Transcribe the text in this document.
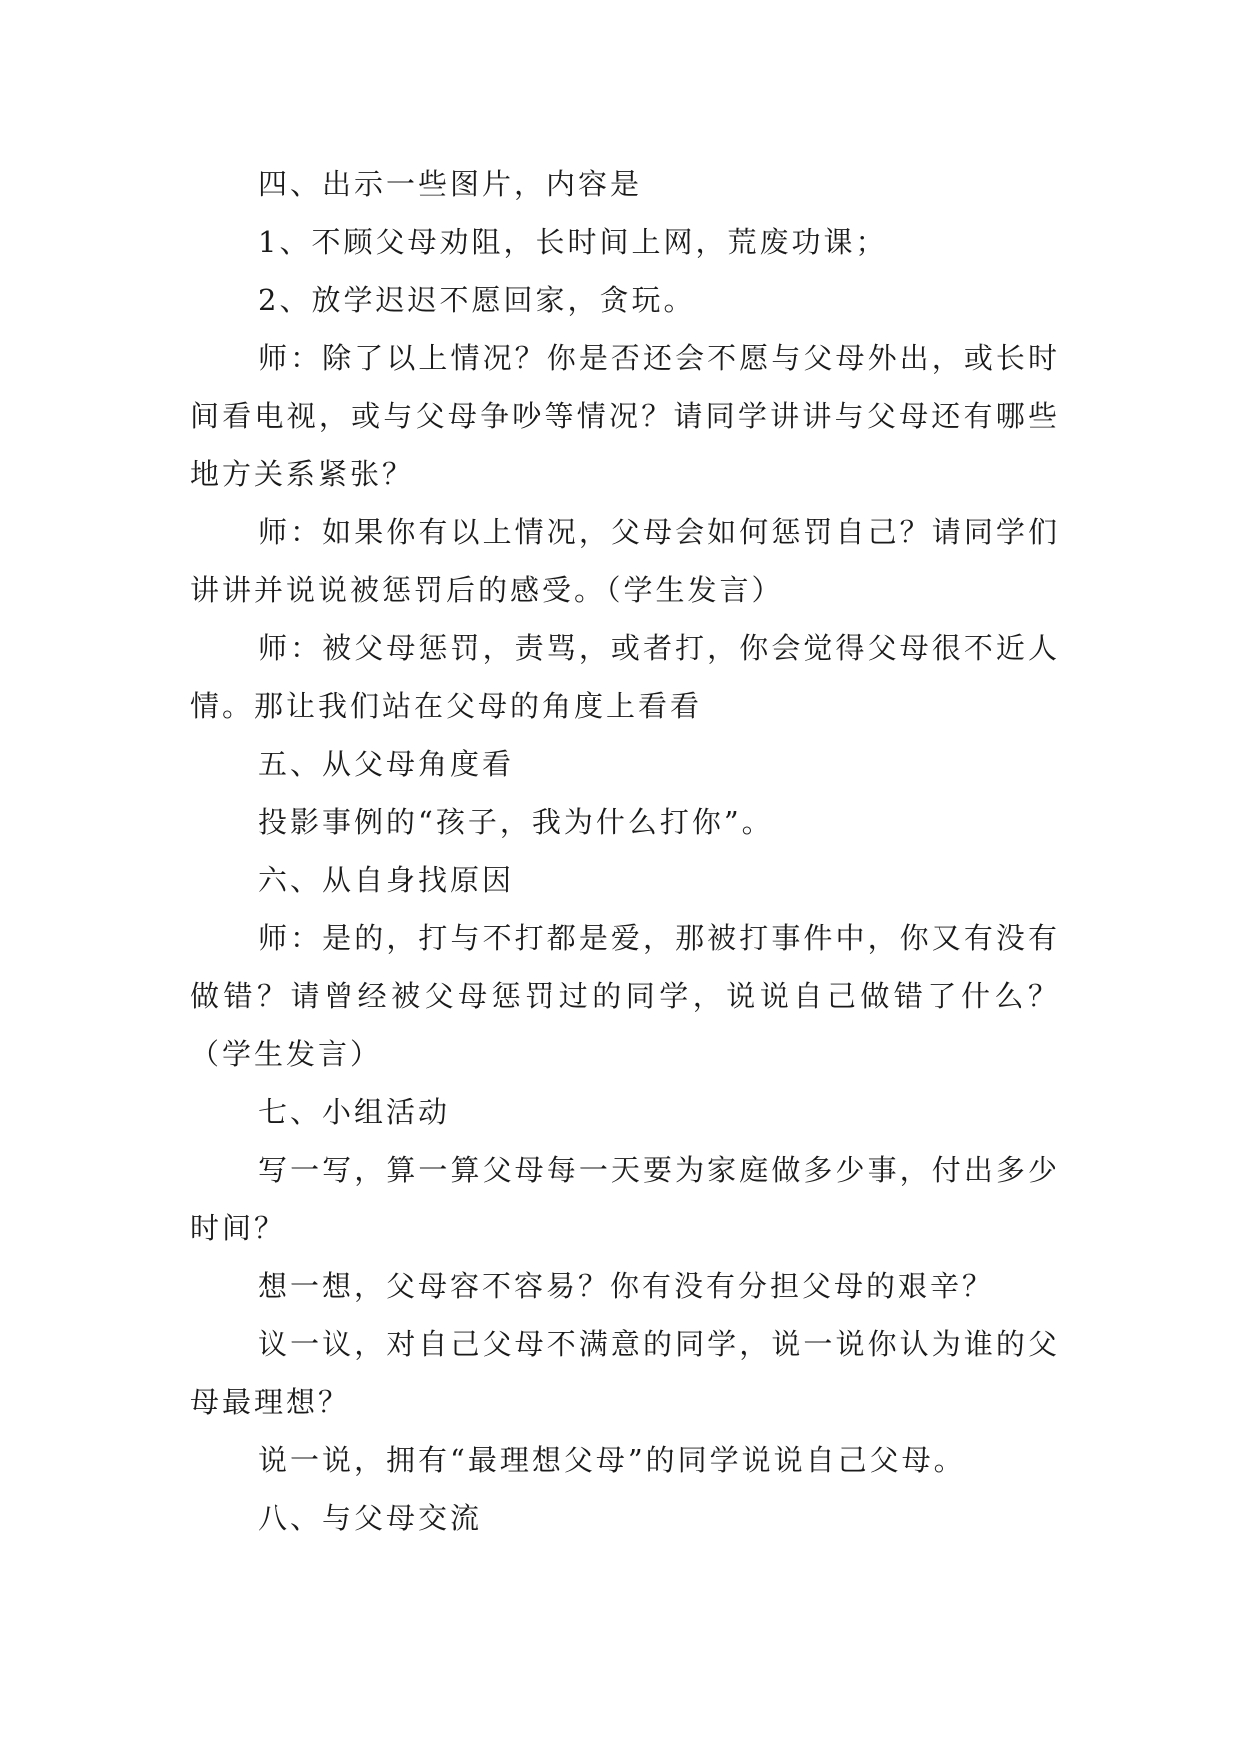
四、出示一些图片，内容是

1、不顾父母劝阻，长时间上网，荒废功课；

2、放学迟迟不愿回家，贪玩。

师：除了以上情况？你是否还会不愿与父母外出，或长时间看电视，或与父母争吵等情况？请同学讲讲与父母还有哪些地方关系紧张？

师：如果你有以上情况，父母会如何惩罚自己？请同学们讲讲并说说被惩罚后的感受。（学生发言）

师：被父母惩罚，责骂，或者打，你会觉得父母很不近人情。那让我们站在父母的角度上看看

五、从父母角度看

投影事例的“孩子，我为什么打你”。

六、从自身找原因

师：是的，打与不打都是爱，那被打事件中，你又有没有做错？请曾经被父母惩罚过的同学，说说自己做错了什么？（学生发言）

七、小组活动

写一写，算一算父母每一天要为家庭做多少事，付出多少时间？

想一想，父母容不容易？你有没有分担父母的艰辛？

议一议，对自己父母不满意的同学，说一说你认为谁的父母最理想？

说一说，拥有“最理想父母”的同学说说自己父母。

八、与父母交流
